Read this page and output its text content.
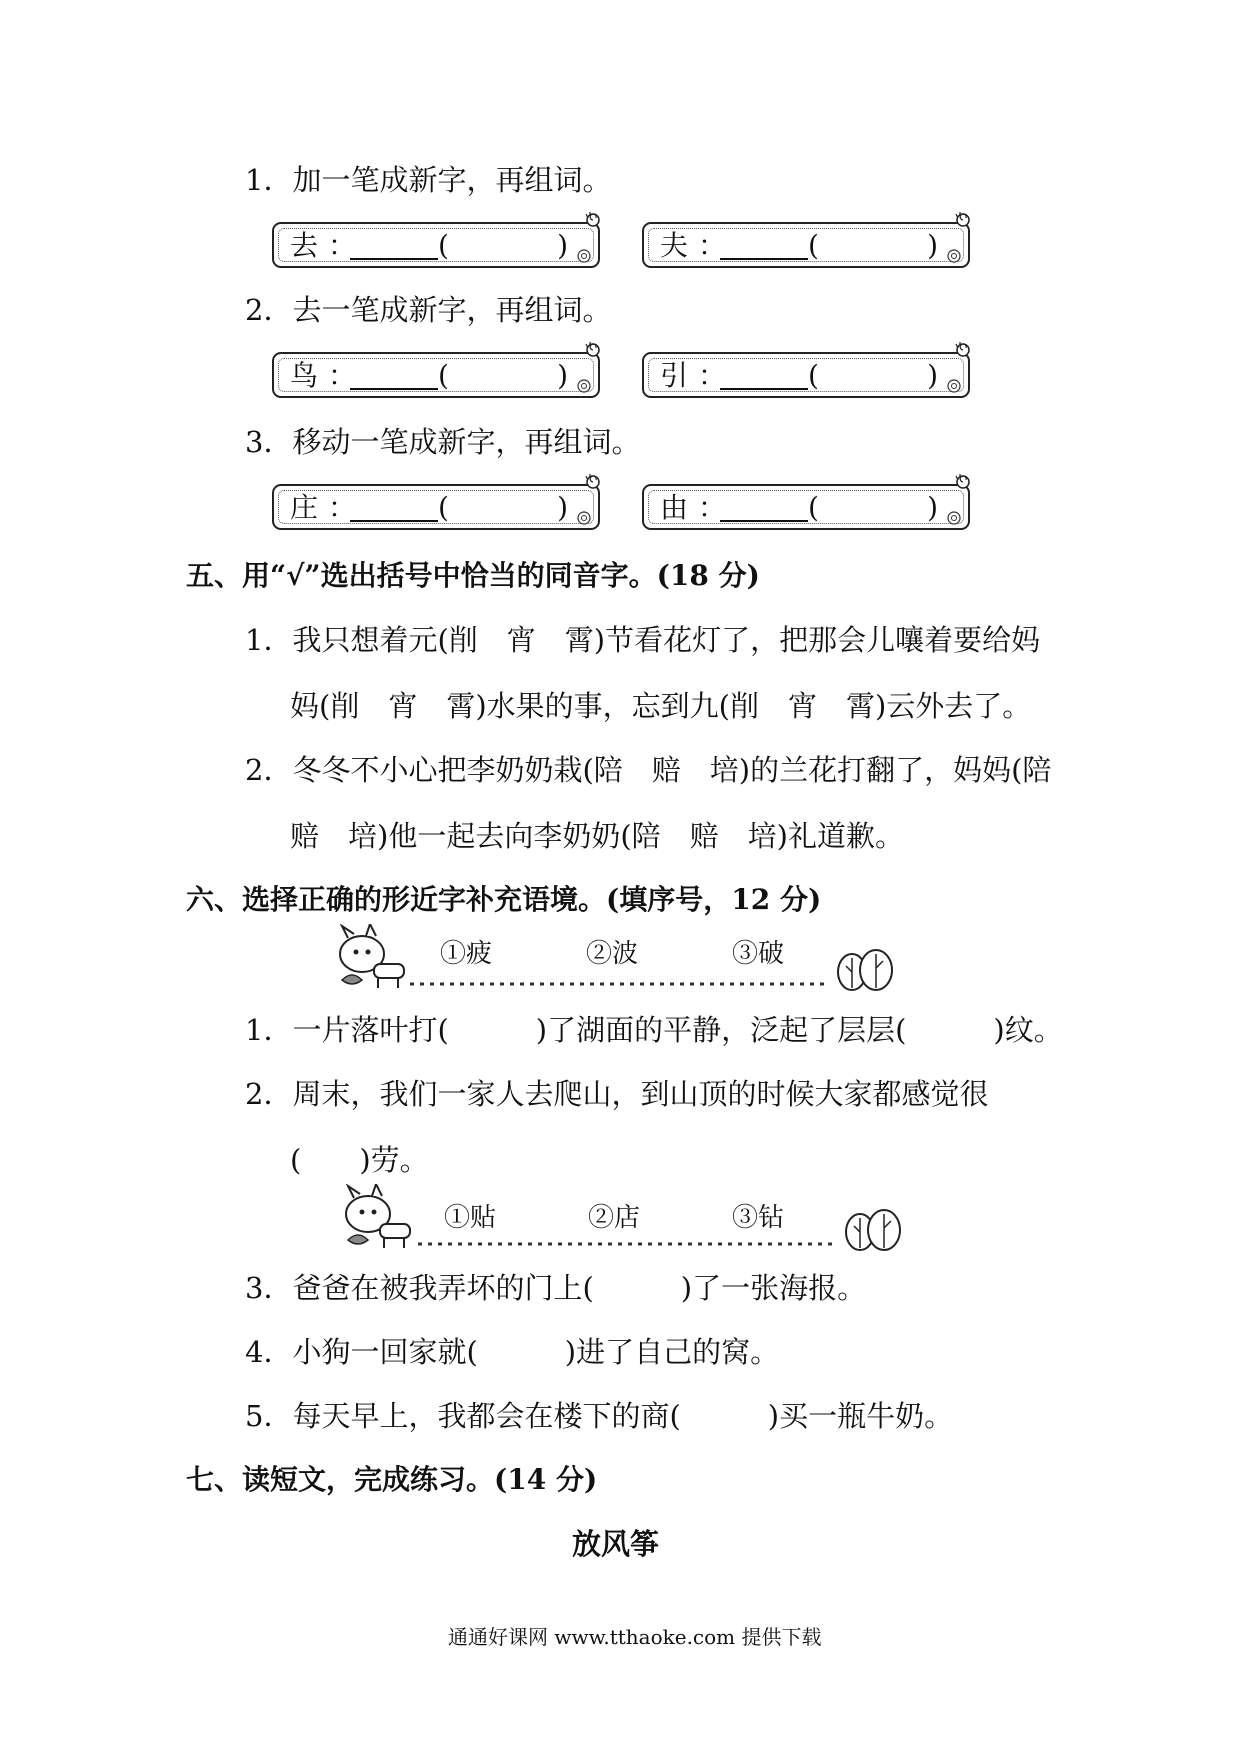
1．加一笔成新字，再组词。
去 ：	(	)	夫 ：	(	)
2．去一笔成新字，再组词。
鸟 ：	(	)	引 ：	(	)
3．移动一笔成新字，再组词。
庄 ：	(	)	由 ：	(	)
五、用“√”选出括号中恰当的同音字。(18 分)
1．我只想着元(削　宵　霄)节看花灯了，把那会儿嚷着要给妈
妈(削　宵　霄)水果的事，忘到九(削　宵　霄)云外去了。
2．冬冬不小心把李奶奶栽(陪　赔　培)的兰花打翻了，妈妈(陪
赔　培)他一起去向李奶奶(陪　赔　培)礼道歉。
六、选择正确的形近字补充语境。(填序号，12 分)
①疲	②波	③破
1．一片落叶打(　　　)了湖面的平静，泛起了层层(　　　)纹。
2．周末，我们一家人去爬山，到山顶的时候大家都感觉很
(　　)劳。
①贴	②店	③钻
3．爸爸在被我弄坏的门上(　　　)了一张海报。
4．小狗一回家就(　　　)进了自己的窝。
5．每天早上，我都会在楼下的商(　　　)买一瓶牛奶。
七、读短文，完成练习。(14 分)
放风筝
通通好课网 www.tthaoke.com 提供下载
